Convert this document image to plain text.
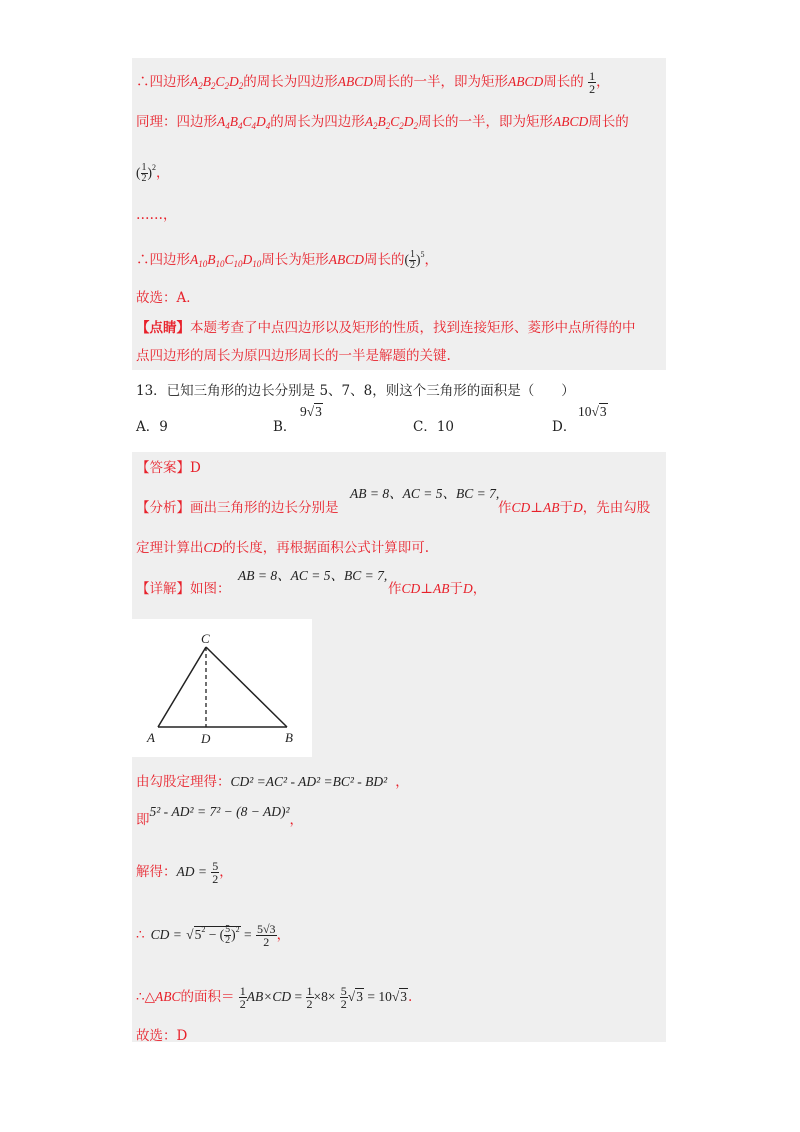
∴四边形$A_2B_2C_2D_2$的周长为四边形ABCD周长的一半，即为矩形ABCD周长的 $\frac{1}{2}$ ，
同理：四边形$A_4B_4C_4D_4$的周长为四边形$A_2B_2C_2D_2$周长的一半，即为矩形ABCD周长的
( $\frac{1}{2} )^2$，
……，
∴四边形$A_{10}B_{10}C_{10}D_{10}$周长为矩形ABCD周长的( $\frac{1}{2} )^5$，
故选：A．
【点睛】本题考查了中点四边形以及矩形的性质，找到连接矩形、菱形中点所得的中
点四边形的周长为原四边形周长的一半是解题的关键.
13．已知三角形的边长分别是 5、7、8，则这个三角形的面积是（　　）
A．9	B．
9√3
C．10	D．
10√3
【答案】D
【分析】画出三角形的边长分别是
AB = 8、AC = 5、BC = 7,
作CD⊥AB于D，先由勾股
定理计算出CD的长度，再根据面积公式计算即可.
【详解】如图：
AB = 8、AC = 5、BC = 7,
作CD⊥AB于D，
C
A	D	B
由勾股定理得：CD² =AC² - AD² =BC² - BD² ，
即5² - AD² = 7² − (8 − AD)²，
解得：AD = $\frac{5}{2}$ ，
∴ CD = $√5^2$ − ( $\frac{5}{2} )^2 = \frac{5√3}{2}$ ，
∴△ABC的面积＝ $\frac{1}{2} AB\times CD = \frac{1}{2} \times 8\times \frac{5}{2} √3 = 10√3$.
故选：D
